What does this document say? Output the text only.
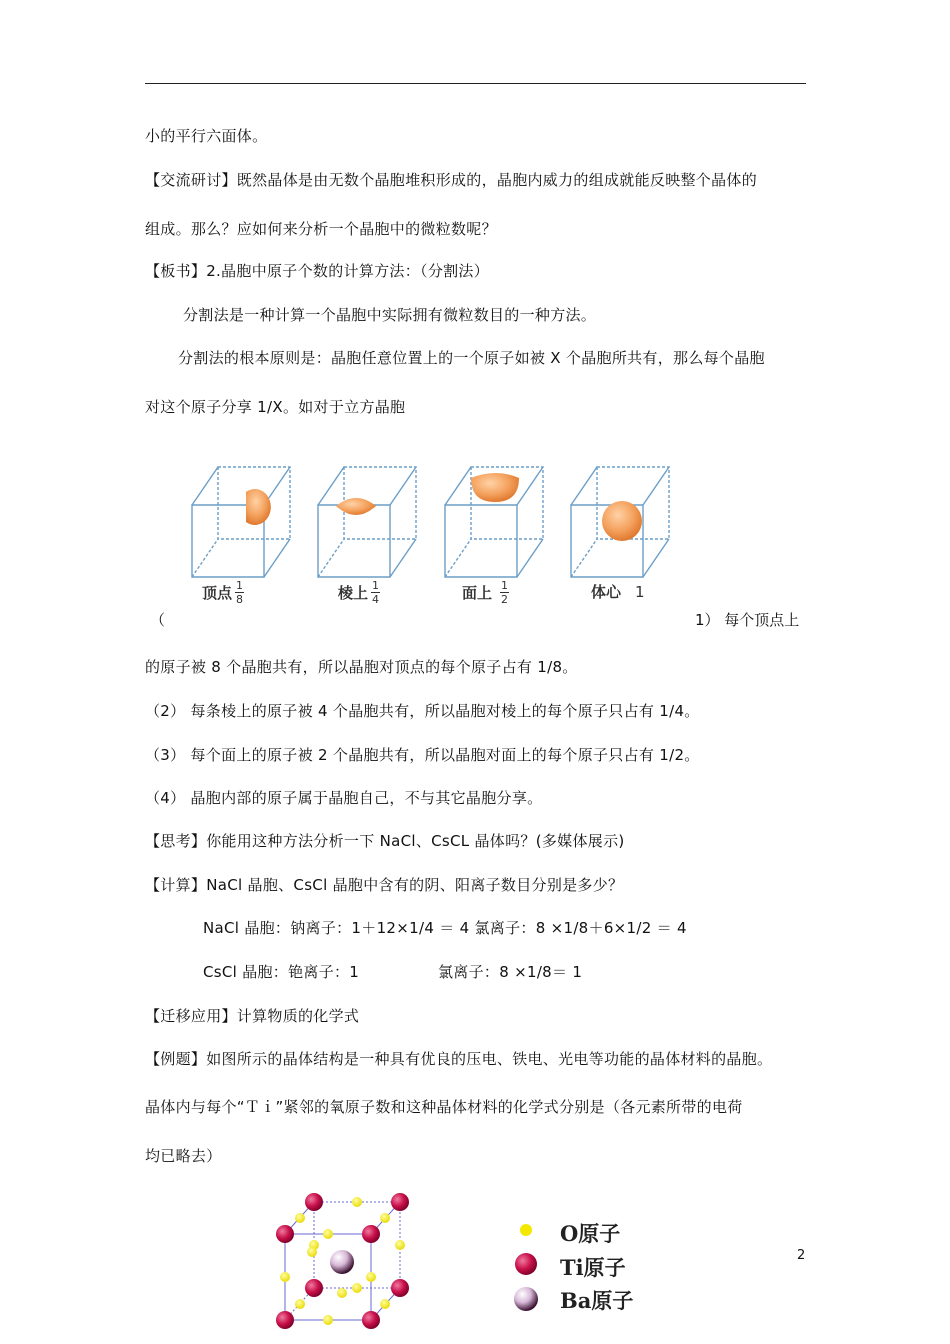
小的平行六面体。
【交流研讨】既然晶体是由无数个晶胞堆积形成的，晶胞内威力的组成就能反映整个晶体的
组成。那么？应如何来分析一个晶胞中的微粒数呢？
【板书】2.晶胞中原子个数的计算方法：（分割法）
分割法是一种计算一个晶胞中实际拥有微粒数目的一种方法。
分割法的根本原则是：晶胞任意位置上的一个原子如被 X 个晶胞所共有，那么每个晶胞
对这个原子分享 1/X。如对于立方晶胞
顶点 $\frac{1}{8}$	棱上 $\frac{1}{4}$	面上 $\frac{1}{2}$	体心 1
（	1） 每个顶点上
的原子被 8 个晶胞共有，所以晶胞对顶点的每个原子占有 1/8。
（2） 每条棱上的原子被 4 个晶胞共有，所以晶胞对棱上的每个原子只占有 1/4。
（3） 每个面上的原子被 2 个晶胞共有，所以晶胞对面上的每个原子只占有 1/2。
（4） 晶胞内部的原子属于晶胞自己，不与其它晶胞分享。
【思考】你能用这种方法分析一下 NaCl、CsCL 晶体吗？(多媒体展示)
【计算】NaCl 晶胞、CsCl 晶胞中含有的阴、阳离子数目分别是多少？
NaCl 晶胞：钠离子：1＋12×1/4 ＝ 4 氯离子：8 ×1/8＋6×1/2 ＝ 4
CsCl 晶胞：铯离子：1	氯离子：8 ×1/8＝ 1
【迁移应用】计算物质的化学式
【例题】如图所示的晶体结构是一种具有优良的压电、铁电、光电等功能的晶体材料的晶胞。
晶体内与每个“Ｔｉ”紧邻的氧原子数和这种晶体材料的化学式分别是（各元素所带的电荷
均已略去）
O原子
Ti原子
Ba原子
2
